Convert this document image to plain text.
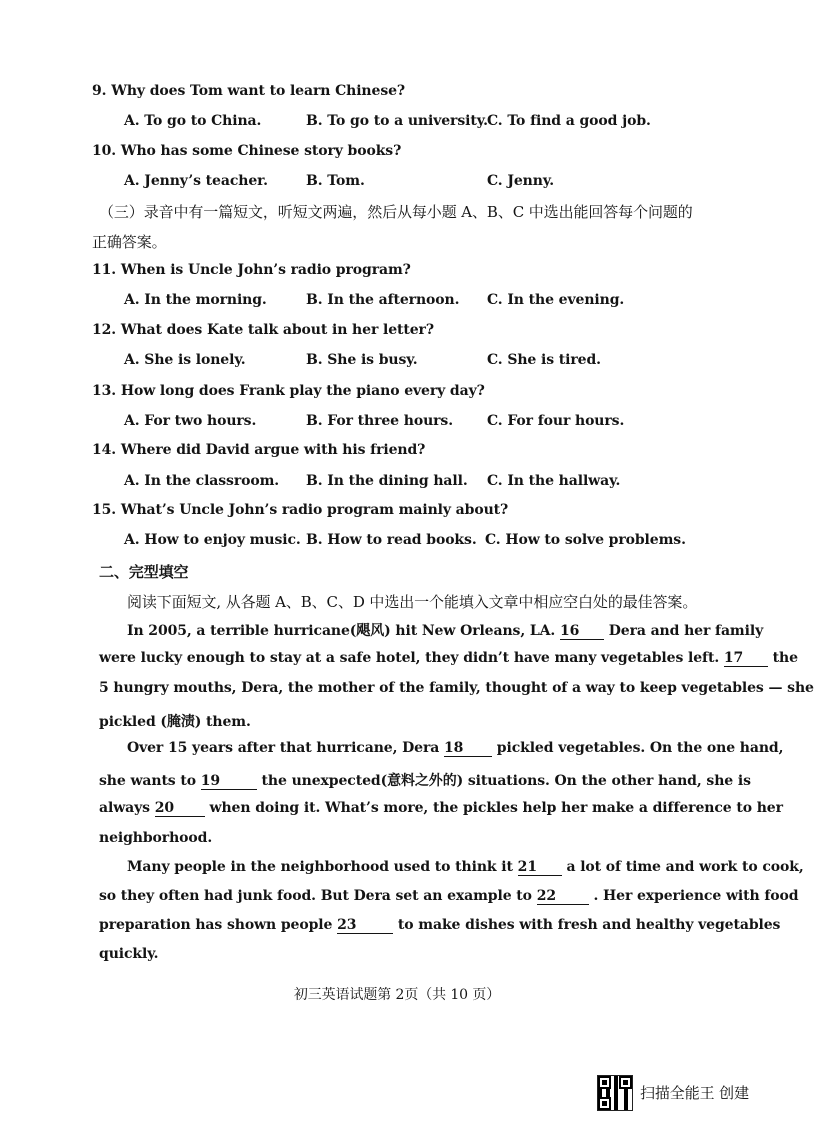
9. Why does Tom want to learn Chinese?
A. To go to China.	B. To go to a university. C. To find a good job.
10. Who has some Chinese story books?
A. Jenny’s teacher.	B. Tom.	C. Jenny.
（三）录音中有一篇短文，听短文两遍，然后从每小题 A、B、C 中选出能回答每个问题的
正确答案。
11. When is Uncle John’s radio program?
A. In the morning.	B. In the afternoon. C. In the evening.
12. What does Kate talk about in her letter?
A. She is lonely.	B. She is busy.	C. She is tired.
13. How long does Frank play the piano every day?
A. For two hours.	B. For three hours. C. For four hours.
14. Where did David argue with his friend?
A. In the classroom. B. In the dining hall. C. In the hallway.
15. What’s Uncle John’s radio program mainly about?
A. How to enjoy music. B. How to read books. C. How to solve problems.
二、完型填空
阅读下面短文, 从各题 A、B、C、D 中选出一个能填入文章中相应空白处的最佳答案。
In 2005, a terrible hurricane(飓风) hit New Orleans, LA. 16 Dera and her family
were lucky enough to stay at a safe hotel, they didn’t have many vegetables left. 17 the
5 hungry mouths, Dera, the mother of the family, thought of a way to keep vegetables — she
pickled (腌渍) them.
Over 15 years after that hurricane, Dera 18 pickled vegetables. On the one hand,
she wants to 19	the unexpected(意料之外的) situations. On the other hand, she is
always 20	when doing it. What’s more, the pickles help her make a difference to her
neighborhood.
Many people in the neighborhood used to think it 21 a lot of time and work to cook,
so they often had junk food. But Dera set an example to 22	. Her experience with food
preparation has shown people 23	to make dishes with fresh and healthy vegetables
quickly.
初三英语试题第 2页（共 10 页）
扫描全能王 创建
